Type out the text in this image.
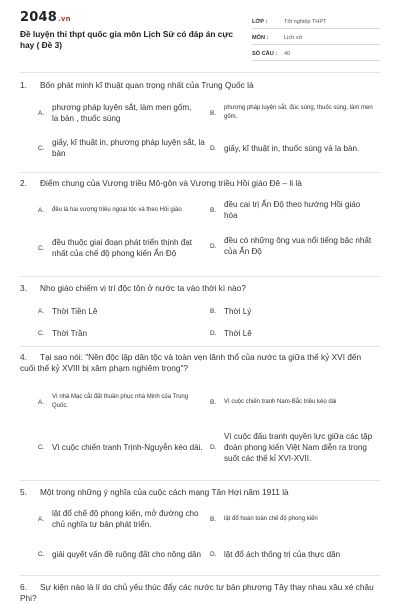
2048.vn
Đề luyện thi thpt quốc gia môn Lịch Sử có đáp án cực hay ( Đề 3)
LỚP :	Tốt nghiệp THPT
MÔN :	Lịch sử
SỐ CÂU :	40
1. Bốn phát minh kĩ thuật quan trọng nhất của Trung Quốc là
A.
phương pháp luyện sắt, làm men gốm, la bàn , thuốc súng
B.
phương pháp luyện sắt, đúc súng, thuốc súng, làm men gốm.
C.
giấy, kĩ thuật in, phương pháp luyện sắt, la bàn
D. giấy, kĩ thuật in, thuốc súng và la bàn.
2. Điểm chung của Vương triều Mô-gôn và Vương triều Hồi giáo Đê – li là
A.	đều là hai vương triều ngoại tộc và theo Hồi giáo	B.
đều cai trị Ấn Độ theo hướng Hồi giáo hóa
C.
đều thuộc giai đoạn phát triển thịnh đạt nhất của chế độ phong kiến Ấn Độ
D.
đều có những ông vua nổi tiếng bậc nhất của Ấn Độ
3. Nho giáo chiếm vị trí độc tôn ở nước ta vào thời kì nào?
A. Thời Tiền Lê	B. Thời Lý
C. Thời Trần	D. Thời Lê
4. Tại sao nói: "Nền độc lập dân tộc và toàn vẹn lãnh thổ của nước ta giữa thế kỷ XVI đến cuối thế kỷ XVIII bị xâm phạm nghiêm trọng"?
A.
Vì nhà Mạc cắt đất thuần phục nhà Minh của Trung Quốc.
B.	Vì cuộc chiến tranh Nam-Bắc triều kéo dài
C. Vì cuộc chiến tranh Trịnh-Nguyễn kéo dài. D.
Vì cuộc đấu tranh quyền lực giữa các tập đoàn phong kiến Việt Nam diễn ra trong suốt các thế kỉ XVI-XVII.
5. Một trong những ý nghĩa của cuộc cách mạng Tân Hợi năm 1911 là
A.
lật đổ chế độ phong kiến, mở đường cho chủ nghĩa tư bản phát triển.
B.	lật đổ hoàn toàn chế độ phong kiến
C. giải quyết vấn đề ruộng đất cho nông dân D. lật đổ ách thống trị của thực dân
6. Sự kiện nào là lí do chủ yếu thúc đẩy các nước tư bản phương Tây thay nhau xâu xé châu Phi?
